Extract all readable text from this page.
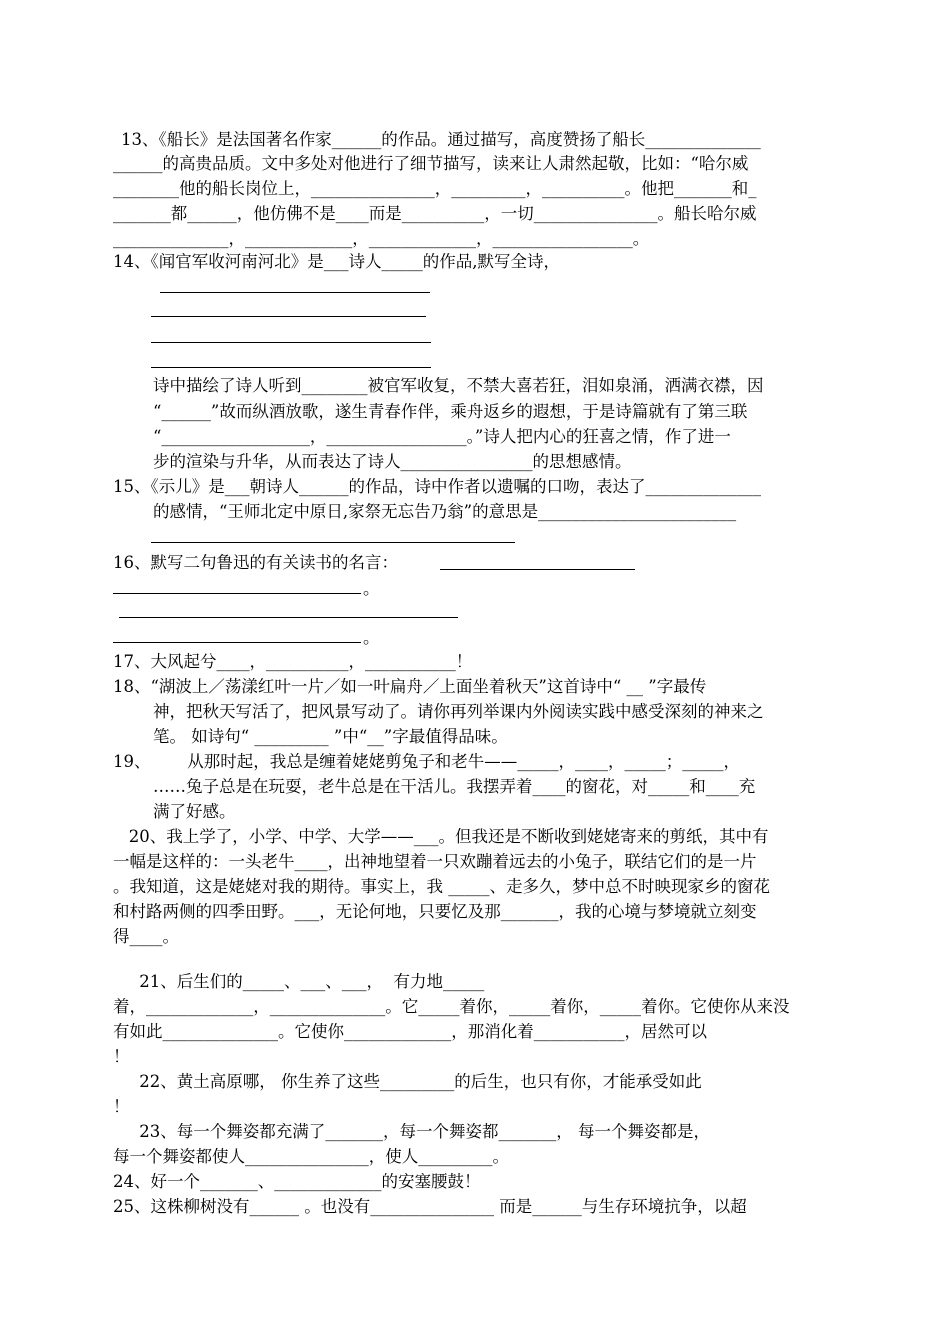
13、《船长》是法国著名作家______的作品。通过描写，高度赞扬了船长______________
______的高贵品质。文中多处对他进行了细节描写，读来让人肃然起敬，比如：“哈尔威
________他的船长岗位上，_______________，_________，__________。他把_______和_
_______都______，他仿佛不是____而是__________，一切_______________。船长哈尔威
______________，_____________，_____________，_________________。
14、《闻官军收河南河北》是___诗人_____的作品,默写全诗，
诗中描绘了诗人听到________被官军收复，不禁大喜若狂，泪如泉涌，洒满衣襟，因
“______”故而纵酒放歌，遂生青春作伴，乘舟返乡的遐想，于是诗篇就有了第三联
“__________________，_________________。”诗人把内心的狂喜之情，作了进一
步的渲染与升华，从而表达了诗人________________的思想感情。
15、《示儿》是___朝诗人______的作品，诗中作者以遗嘱的口吻，表达了______________
的感情，“王师北定中原日,家祭无忘告乃翁”的意思是________________________
16、默写二句鲁迅的有关读书的名言：
。
。
17、大风起兮____，__________，___________！
18、“湖波上／荡漾红叶一片／如一叶扁舟／上面坐着秋天”这首诗中“ __ ”字最传
神，把秋天写活了，把风景写动了。请你再列举课内外阅读实践中感受深刻的神来之
笔。 如诗句“ _________ ”中“__”字最值得品味。
19、       从那时起，我总是缠着姥姥剪兔子和老牛——_____，____，_____；_____，
……兔子总是在玩耍，老牛总是在干活儿。我摆弄着____的窗花，对_____和____充
满了好感。
20、我上学了，小学、中学、大学——___。但我还是不断收到姥姥寄来的剪纸，其中有
一幅是这样的：一头老牛____，出神地望着一只欢蹦着远去的小兔子，联结它们的是一片
。我知道，这是姥姥对我的期待。事实上，我 _____、走多久，梦中总不时映现家乡的窗花
和村路两侧的四季田野。___，无论何地，只要忆及那_______，我的心境与梦境就立刻变
得____。
21、后生们的_____、___、___，  有力地_____
着，_____________，______________。它_____着你，_____着你，_____着你。它使你从来没
有如此______________。它使你_____________，那消化着___________，居然可以
！
22、黄土高原哪， 你生养了这些_________的后生，也只有你，才能承受如此
！
23、每一个舞姿都充满了_______，每一个舞姿都_______， 每一个舞姿都是，
每一个舞姿都使人_______________，使人_________。
24、好一个_______、_____________的安塞腰鼓！
25、这株柳树没有______ 。也没有_______________ 而是______与生存环境抗争，以超
